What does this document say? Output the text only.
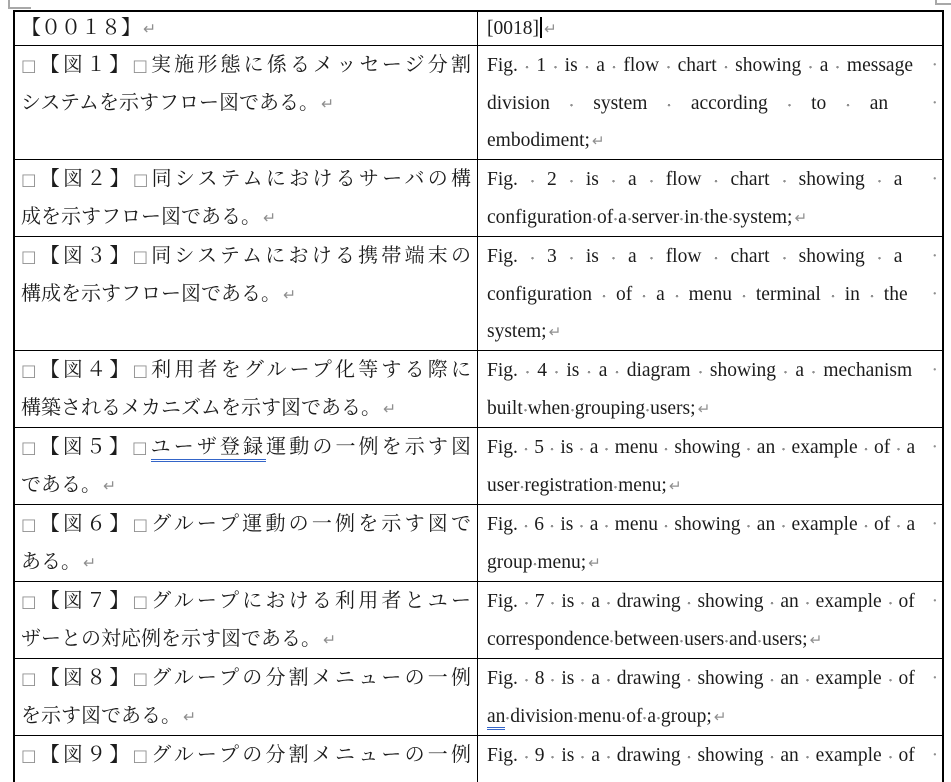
【００１８】 ↵	[0018] ↵
□【図１】□実施形態に係るメッセージ分割
システムを示すフロー図である。 ↵
Fig. 1 is a flow chart showing a message ·
division system according to an ·
embodiment; ↵
□【図２】□同システムにおけるサーバの構
成を示すフロー図である。 ↵
Fig. 2 is a flow chart showing a ·
configuration of a server in the system; ↵
□【図３】□同システムにおける携帯端末の
構成を示すフロー図である。 ↵
Fig. 3 is a flow chart showing a ·
configuration of a menu terminal in the ·
system; ↵
□【図４】□利用者をグループ化等する際に
構築されるメカニズムを示す図である。 ↵
Fig. 4 is a diagram showing a mechanism ·
built when grouping users; ↵
□【図５】□ユーザ登録運動の一例を示す図
である。 ↵
Fig. 5 is a menu showing an example of a ·
user registration menu; ↵
□【図６】□グループ運動の一例を示す図で
ある。 ↵
Fig. 6 is a menu showing an example of a ·
group menu; ↵
□【図７】□グループにおける利用者とユー
ザーとの対応例を示す図である。 ↵
Fig. 7 is a drawing showing an example of ·
correspondence between users and users; ↵
□【図８】□グループの分割メニューの一例
を示す図である。 ↵
Fig. 8 is a drawing showing an example of ·
an division menu of a group; ↵
□【図９】□グループの分割メニューの一例 Fig. 9 is a drawing showing an example of ·
